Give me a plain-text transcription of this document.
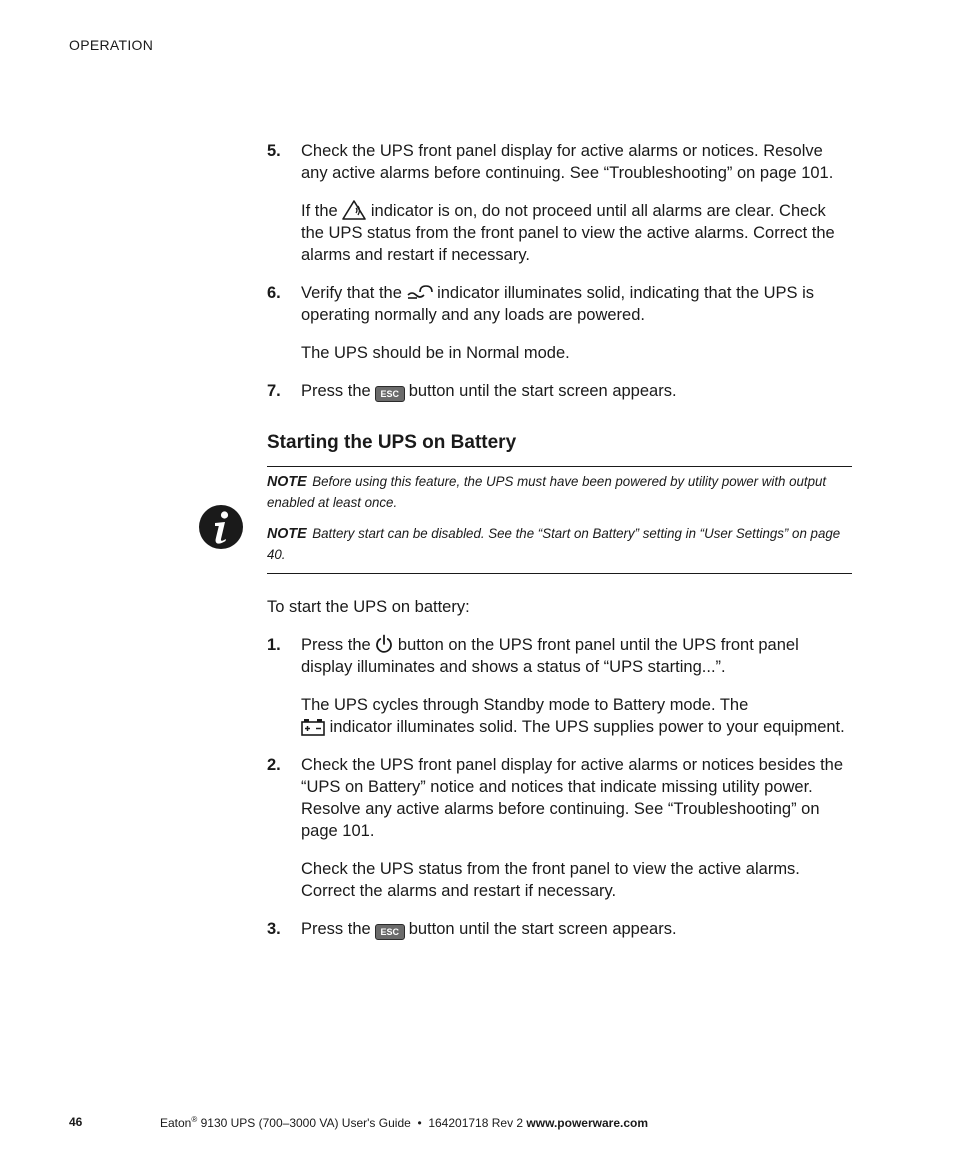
OPERATION
5. Check the UPS front panel display for active alarms or notices. Resolve any active alarms before continuing. See “Troubleshooting” on page 101.

If the indicator is on, do not proceed until all alarms are clear. Check the UPS status from the front panel to view the active alarms. Correct the alarms and restart if necessary.

6. Verify that the indicator illuminates solid, indicating that the UPS is operating normally and any loads are powered.

The UPS should be in Normal mode.

7. Press the ESC button until the start screen appears.

Starting the UPS on Battery

NOTE Before using this feature, the UPS must have been powered by utility power with output enabled at least once.

NOTE Battery start can be disabled. See the “Start on Battery” setting in “User Settings” on page 40.

To start the UPS on battery:

1. Press the button on the UPS front panel until the UPS front panel display illuminates and shows a status of “UPS starting...”.

The UPS cycles through Standby mode to Battery mode. The
indicator illuminates solid. The UPS supplies power to your equipment.

2. Check the UPS front panel display for active alarms or notices besides the “UPS on Battery” notice and notices that indicate missing utility power. Resolve any active alarms before continuing. See “Troubleshooting” on page 101.

Check the UPS status from the front panel to view the active alarms. Correct the alarms and restart if necessary.

3. Press the ESC button until the start screen appears.

46	Eaton® 9130 UPS (700–3000 VA) User's Guide  •  164201718 Rev 2 www.powerware.com
